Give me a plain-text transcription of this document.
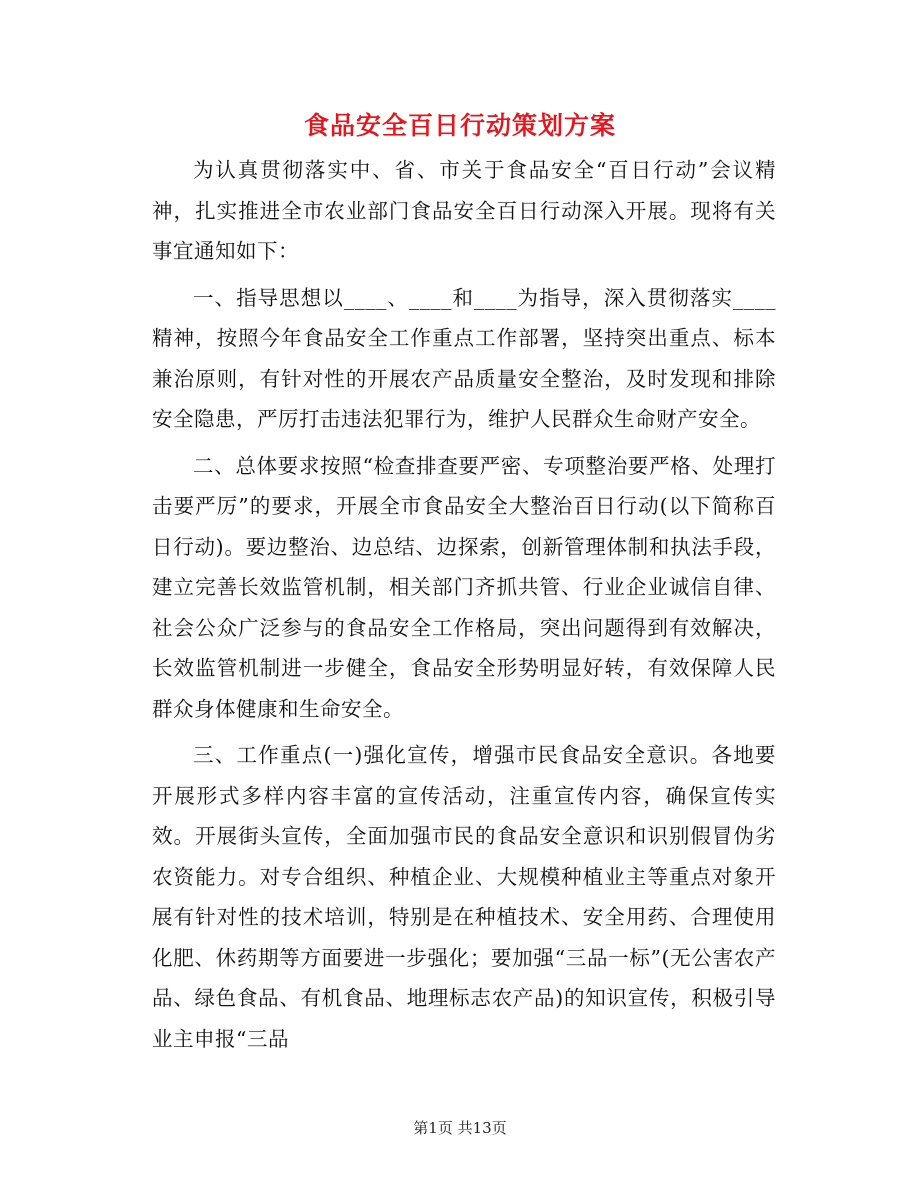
食品安全百日行动策划方案

为认真贯彻落实中、省、市关于食品安全“百日行动”会议精神，扎实推进全市农业部门食品安全百日行动深入开展。现将有关事宜通知如下：

一、指导思想以____、____和____为指导，深入贯彻落实____精神，按照今年食品安全工作重点工作部署，坚持突出重点、标本兼治原则，有针对性的开展农产品质量安全整治，及时发现和排除安全隐患，严厉打击违法犯罪行为，维护人民群众生命财产安全。

二、总体要求按照“检查排查要严密、专项整治要严格、处理打击要严厉”的要求，开展全市食品安全大整治百日行动(以下简称百日行动)。要边整治、边总结、边探索，创新管理体制和执法手段，建立完善长效监管机制，相关部门齐抓共管、行业企业诚信自律、社会公众广泛参与的食品安全工作格局，突出问题得到有效解决，长效监管机制进一步健全，食品安全形势明显好转，有效保障人民群众身体健康和生命安全。

三、工作重点(一)强化宣传，增强市民食品安全意识。各地要开展形式多样内容丰富的宣传活动，注重宣传内容，确保宣传实效。开展街头宣传，全面加强市民的食品安全意识和识别假冒伪劣农资能力。对专合组织、种植企业、大规模种植业主等重点对象开展有针对性的技术培训，特别是在种植技术、安全用药、合理使用化肥、休药期等方面要进一步强化；要加强“三品一标”(无公害农产品、绿色食品、有机食品、地理标志农产品)的知识宣传，积极引导业主申报“三品

第1页 共13页
